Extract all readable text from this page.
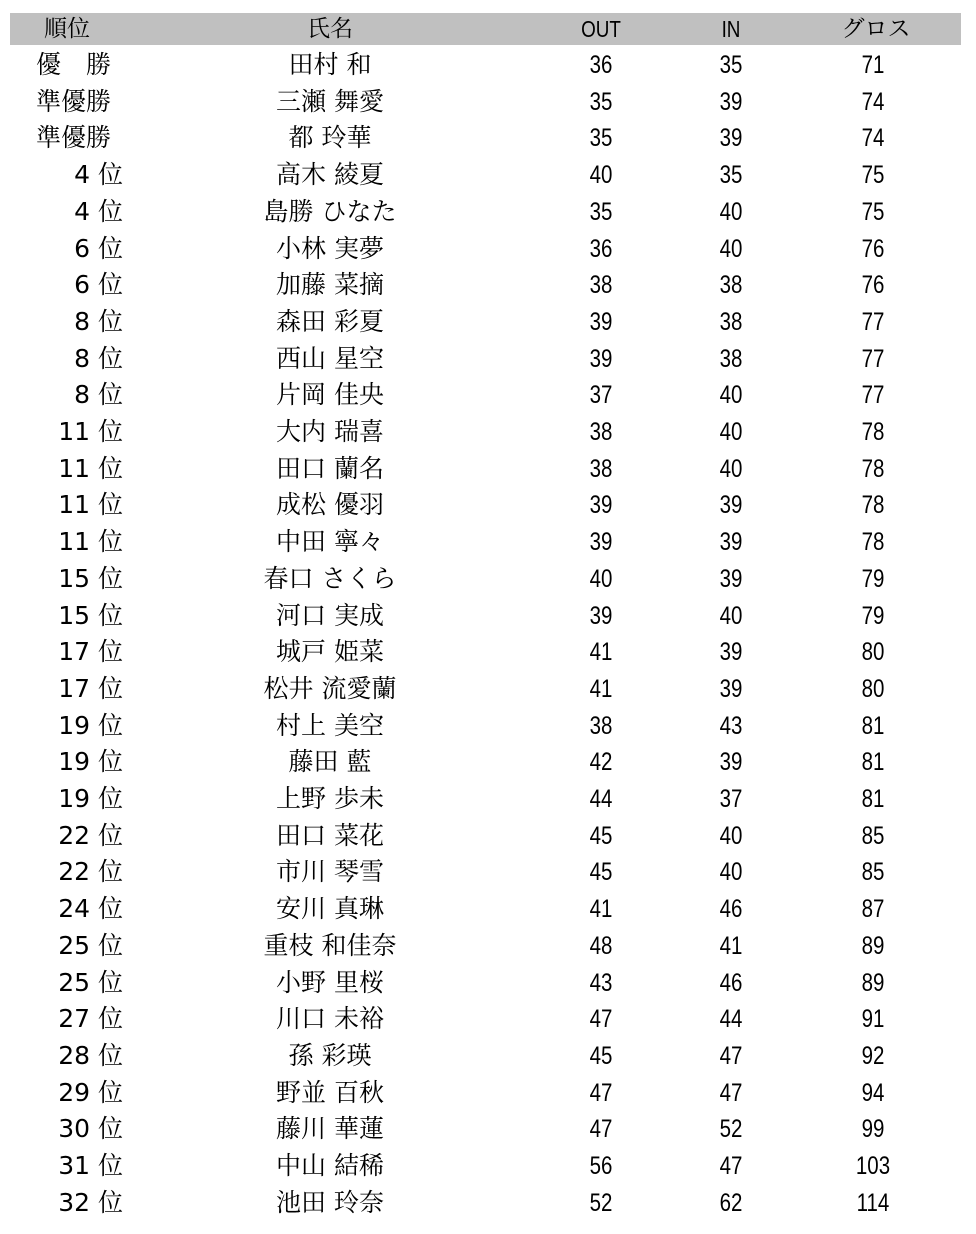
順位	氏名	OUT	IN	グロス
優　勝	田村 和	36	35	71
準優勝	三瀬 舞愛	35	39	74
準優勝	都 玲華	35	39	74
4 位	高木 綾夏	40	35	75
4 位	島勝 ひなた	35	40	75
6 位	小林 実夢	36	40	76
6 位	加藤 菜摘	38	38	76
8 位	森田 彩夏	39	38	77
8 位	西山 星空	39	38	77
8 位	片岡 佳央	37	40	77
11 位	大内 瑞喜	38	40	78
11 位	田口 蘭名	38	40	78
11 位	成松 優羽	39	39	78
11 位	中田 寧々	39	39	78
15 位	春口 さくら	40	39	79
15 位	河口 実成	39	40	79
17 位	城戸 姫菜	41	39	80
17 位	松井 流愛蘭	41	39	80
19 位	村上 美空	38	43	81
19 位	藤田 藍	42	39	81
19 位	上野 歩未	44	37	81
22 位	田口 菜花	45	40	85
22 位	市川 琴雪	45	40	85
24 位	安川 真琳	41	46	87
25 位	重枝 和佳奈	48	41	89
25 位	小野 里桜	43	46	89
27 位	川口 未裕	47	44	91
28 位	孫 彩瑛	45	47	92
29 位	野並 百秋	47	47	94
30 位	藤川 華蓮	47	52	99
31 位	中山 結稀	56	47	103
32 位	池田 玲奈	52	62	114
